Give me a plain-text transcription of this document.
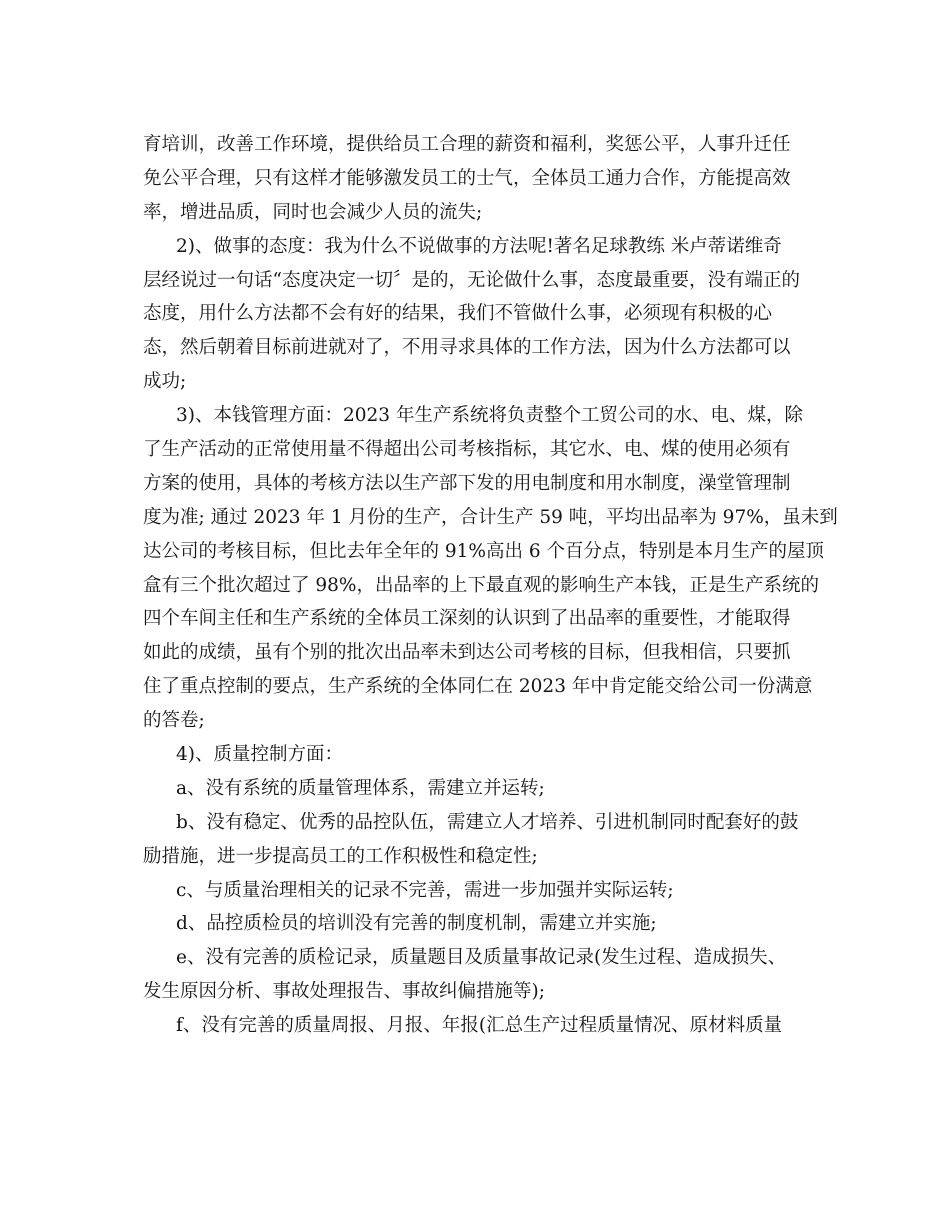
育培训，改善工作环境，提供给员工合理的薪资和福利，奖惩公平，人事升迁任
免公平合理，只有这样才能够激发员工的士气，全体员工通力合作，方能提高效
率，增进品质，同时也会减少人员的流失;
2)、做事的态度：我为什么不说做事的方法呢!著名足球教练 米卢蒂诺维奇
层经说过一句话“态度决定一切〞是的，无论做什么事，态度最重要，没有端正的
态度，用什么方法都不会有好的结果，我们不管做什么事，必须现有积极的心
态，然后朝着目标前进就对了，不用寻求具体的工作方法，因为什么方法都可以
成功;
3)、本钱管理方面：2023 年生产系统将负责整个工贸公司的水、电、煤，除
了生产活动的正常使用量不得超出公司考核指标，其它水、电、煤的使用必须有
方案的使用，具体的考核方法以生产部下发的用电制度和用水制度，澡堂管理制
度为准; 通过 2023 年 1 月份的生产，合计生产 59 吨，平均出品率为 97%，虽未到
达公司的考核目标，但比去年全年的 91%高出 6 个百分点，特别是本月生产的屋顶
盒有三个批次超过了 98%，出品率的上下最直观的影响生产本钱，正是生产系统的
四个车间主任和生产系统的全体员工深刻的认识到了出品率的重要性，才能取得
如此的成绩，虽有个别的批次出品率未到达公司考核的目标，但我相信，只要抓
住了重点控制的要点，生产系统的全体同仁在 2023 年中肯定能交给公司一份满意
的答卷;
4)、质量控制方面：
a、没有系统的质量管理体系，需建立并运转;
b、没有稳定、优秀的品控队伍，需建立人才培养、引进机制同时配套好的鼓
励措施，进一步提高员工的工作积极性和稳定性;
c、与质量治理相关的记录不完善，需进一步加强并实际运转;
d、品控质检员的培训没有完善的制度机制，需建立并实施;
e、没有完善的质检记录，质量题目及质量事故记录(发生过程、造成损失、
发生原因分析、事故处理报告、事故纠偏措施等);
f、没有完善的质量周报、月报、年报(汇总生产过程质量情况、原材料质量
